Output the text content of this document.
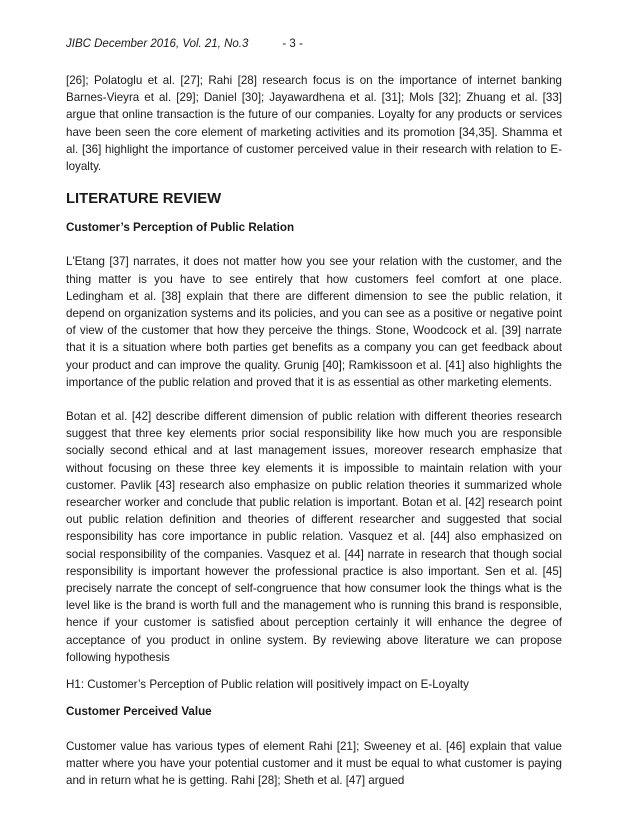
JIBC December 2016, Vol. 21, No.3	- 3 -

[26]; Polatoglu et al. [27]; Rahi [28] research focus is on the importance of internet banking Barnes-Vieyra et al. [29]; Daniel [30]; Jayawardhena et al. [31]; Mols [32]; Zhuang et al. [33] argue that online transaction is the future of our companies. Loyalty for any products or services have been seen the core element of marketing activities and its promotion [34,35]. Shamma et al. [36] highlight the importance of customer perceived value in their research with relation to E-loyalty.

LITERATURE REVIEW
Customer’s Perception of Public Relation

L'Etang [37] narrates, it does not matter how you see your relation with the customer, and the thing matter is you have to see entirely that how customers feel comfort at one place. Ledingham et al. [38] explain that there are different dimension to see the public relation, it depend on organization systems and its policies, and you can see as a positive or negative point of view of the customer that how they perceive the things. Stone, Woodcock et al. [39] narrate that it is a situation where both parties get benefits as a company you can get feedback about your product and can improve the quality. Grunig [40]; Ramkissoon et al. [41] also highlights the importance of the public relation and proved that it is as essential as other marketing elements.

Botan et al. [42] describe different dimension of public relation with different theories research suggest that three key elements prior social responsibility like how much you are responsible socially second ethical and at last management issues, moreover research emphasize that without focusing on these three key elements it is impossible to maintain relation with your customer. Pavlik [43] research also emphasize on public relation theories it summarized whole researcher worker and conclude that public relation is important. Botan et al. [42] research point out public relation definition and theories of different researcher and suggested that social responsibility has core importance in public relation. Vasquez et al. [44] also emphasized on social responsibility of the companies. Vasquez et al. [44] narrate in research that though social responsibility is important however the professional practice is also important. Sen et al. [45] precisely narrate the concept of self-congruence that how consumer look the things what is the level like is the brand is worth full and the management who is running this brand is responsible, hence if your customer is satisfied about perception certainly it will enhance the degree of acceptance of you product in online system. By reviewing above literature we can propose following hypothesis

H1: Customer’s Perception of Public relation will positively impact on E-Loyalty

Customer Perceived Value

Customer value has various types of element Rahi [21]; Sweeney et al. [46] explain that value matter where you have your potential customer and it must be equal to what customer is paying and in return what he is getting. Rahi [28]; Sheth et al. [47] argued
